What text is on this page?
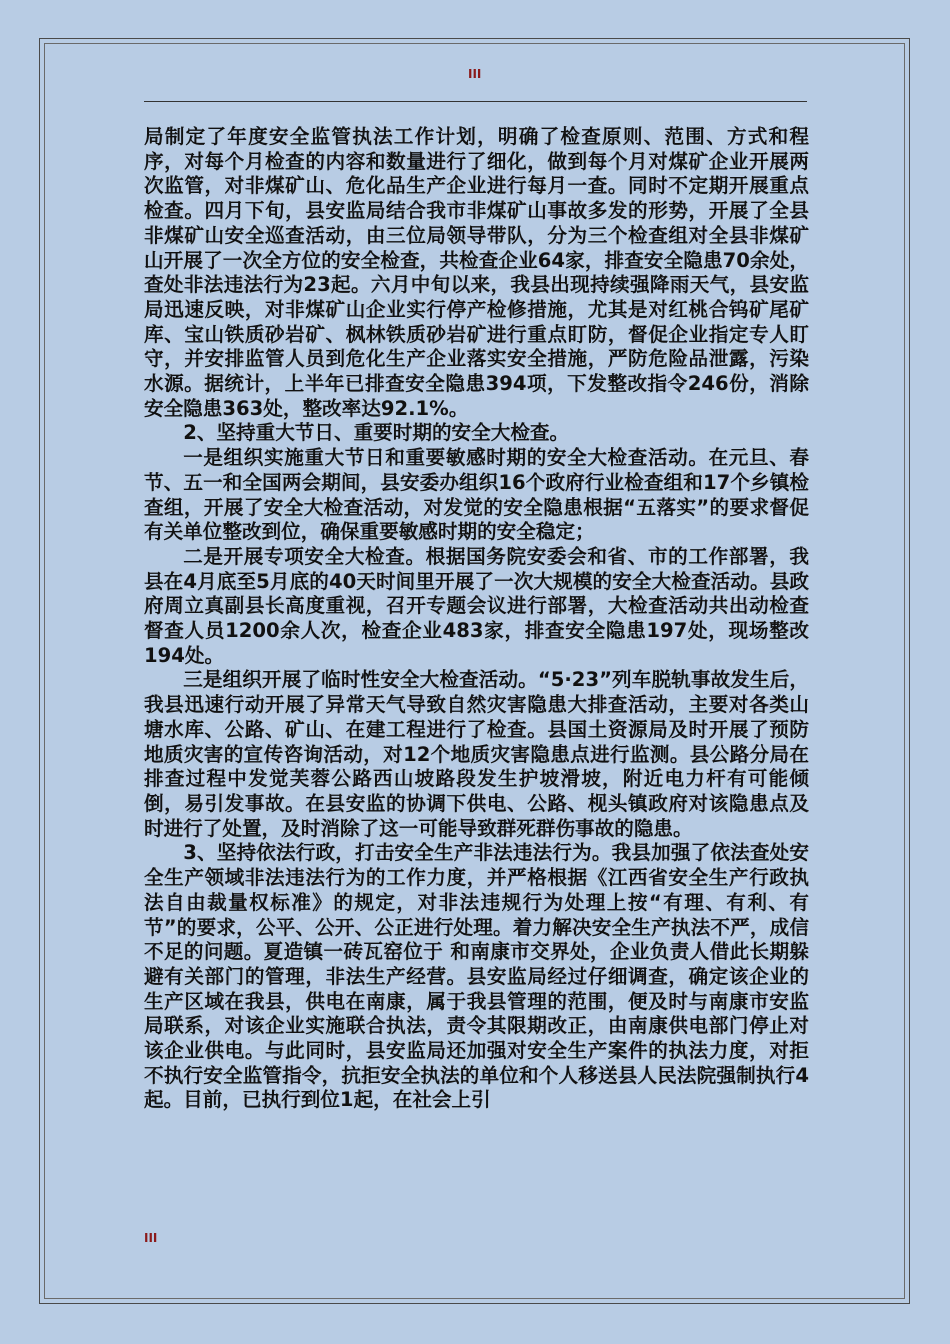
III

局制定了年度安全监管执法工作计划，明确了检查原则、范围、方式和程序，对每个月检查的内容和数量进行了细化，做到每个月对煤矿企业开展两次监管，对非煤矿山、危化品生产企业进行每月一查。同时不定期开展重点检查。四月下旬，县安监局结合我市非煤矿山事故多发的形势，开展了全县非煤矿山安全巡查活动，由三位局领导带队，分为三个检查组对全县非煤矿山开展了一次全方位的安全检查，共检查企业64家，排查安全隐患70余处，查处非法违法行为23起。六月中旬以来，我县出现持续强降雨天气，县安监局迅速反映，对非煤矿山企业实行停产检修措施，尤其是对红桃合钨矿尾矿库、宝山铁质砂岩矿、枫林铁质砂岩矿进行重点盯防，督促企业指定专人盯守，并安排监管人员到危化生产企业落实安全措施，严防危险品泄露，污染水源。据统计，上半年已排查安全隐患394项，下发整改指令246份，消除安全隐患363处，整改率达92.1%。

2、坚持重大节日、重要时期的安全大检查。

一是组织实施重大节日和重要敏感时期的安全大检查活动。在元旦、春节、五一和全国两会期间，县安委办组织16个政府行业检查组和17个乡镇检查组，开展了安全大检查活动，对发觉的安全隐患根据“五落实”的要求督促有关单位整改到位，确保重要敏感时期的安全稳定；

二是开展专项安全大检查。根据国务院安委会和省、市的工作部署，我县在4月底至5月底的40天时间里开展了一次大规模的安全大检查活动。县政府周立真副县长高度重视，召开专题会议进行部署，大检查活动共出动检查督查人员1200余人次，检查企业483家，排查安全隐患197处，现场整改194处。

三是组织开展了临时性安全大检查活动。“5·23”列车脱轨事故发生后，我县迅速行动开展了异常天气导致自然灾害隐患大排查活动，主要对各类山塘水库、公路、矿山、在建工程进行了检查。县国土资源局及时开展了预防地质灾害的宣传咨询活动，对12个地质灾害隐患点进行监测。县公路分局在排查过程中发觉芙蓉公路西山坡路段发生护坡滑坡，附近电力杆有可能倾倒，易引发事故。在县安监的协调下供电、公路、枧头镇政府对该隐患点及时进行了处置，及时消除了这一可能导致群死群伤事故的隐患。

3、坚持依法行政，打击安全生产非法违法行为。我县加强了依法查处安全生产领域非法违法行为的工作力度，并严格根据《江西省安全生产行政执法自由裁量权标准》的规定，对非法违规行为处理上按“有理、有利、有节”的要求，公平、公开、公正进行处理。着力解决安全生产执法不严，成信不足的问题。夏造镇一砖瓦窑位于 和南康市交界处，企业负责人借此长期躲避有关部门的管理，非法生产经营。县安监局经过仔细调查，确定该企业的生产区域在我县，供电在南康，属于我县管理的范围，便及时与南康市安监局联系，对该企业实施联合执法，责令其限期改正，由南康供电部门停止对该企业供电。与此同时，县安监局还加强对安全生产案件的执法力度，对拒不执行安全监管指令，抗拒安全执法的单位和个人移送县人民法院强制执行4起。目前，已执行到位1起，在社会上引

III
